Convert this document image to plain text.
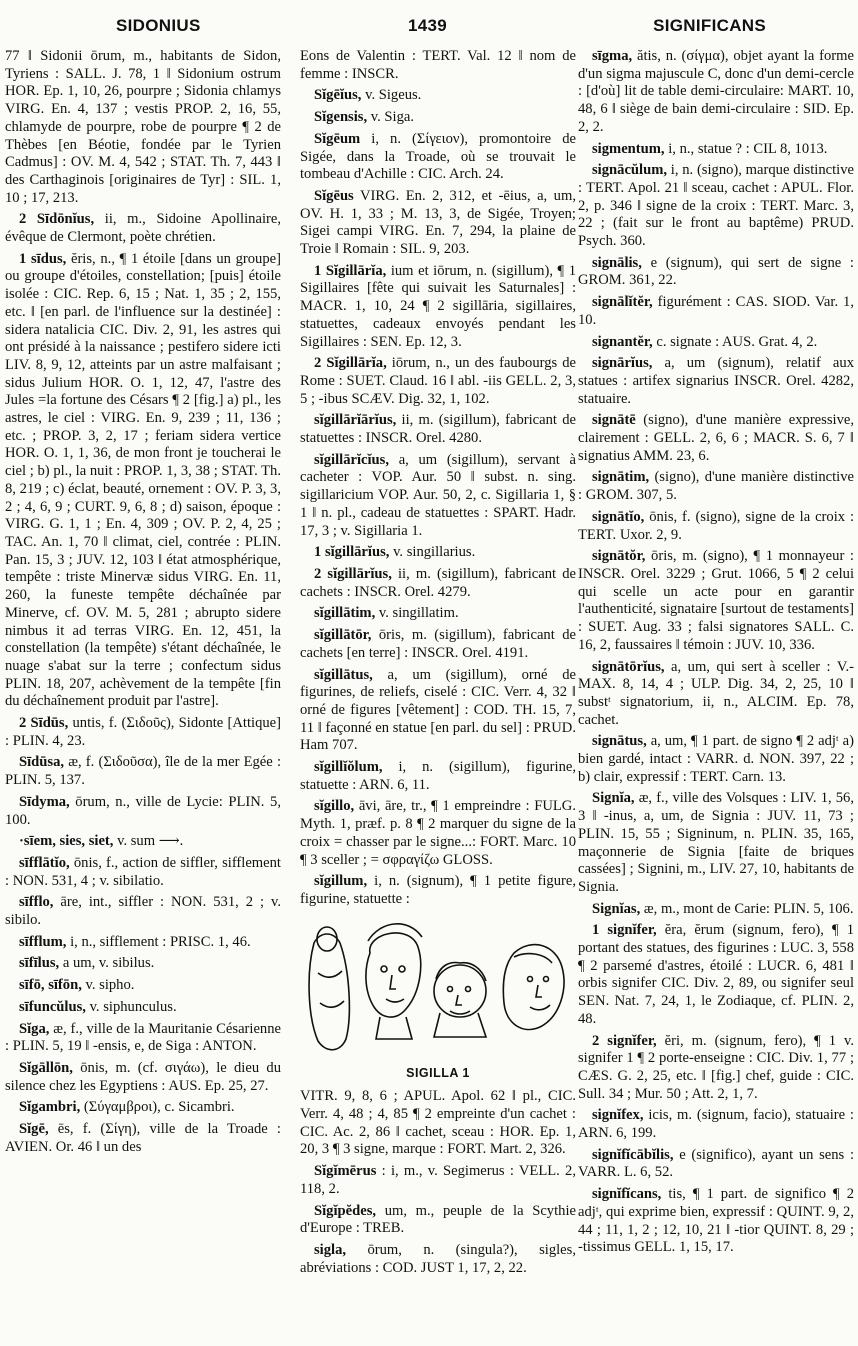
SIDONIUS	1439	SIGNIFICANS

77 ‖ Sidonii ōrum, m., habitants de Sidon, Tyriens : SALL. J. 78, 1 ‖ Sidonium ostrum HOR. Ep. 1, 10, 26, pourpre ; Sidonia chlamys VIRG. En. 4, 137 ; vestis PROP. 2, 16, 55, chlamyde de pourpre, robe de pourpre ¶ 2 de Thèbes [en Béotie, fondée par le Tyrien Cadmus] : OV. M. 4, 542 ; STAT. Th. 7, 443 ‖ des Carthaginois [originaires de Tyr] : SIL. 1, 10 ; 17, 213.

2 Sīdōnĭus, ii, m., Sidoine Apollinaire, évêque de Clermont, poète chrétien.

1 sīdus, ĕris, n., ¶ 1 étoile [dans un groupe] ou groupe d'étoiles, constellation; [puis] étoile isolée : CIC. Rep. 6, 15 ; Nat. 1, 35 ; 2, 155, etc. ‖ [en parl. de l'influence sur la destinée] : sidera natalicia CIC. Div. 2, 91, les astres qui ont présidé à la naissance ; pestifero sidere icti LIV. 8, 9, 12, atteints par un astre malfaisant ; sidus Julium HOR. O. 1, 12, 47, l'astre des Jules =la fortune des Césars ¶ 2 [fig.] a) pl., les astres, le ciel : VIRG. En. 9, 239 ; 11, 136 ; etc. ; PROP. 3, 2, 17 ; feriam sidera vertice HOR. O. 1, 1, 36, de mon front je toucherai le ciel ; b) pl., la nuit : PROP. 1, 3, 38 ; STAT. Th. 8, 219 ; c) éclat, beauté, ornement : OV. P. 3, 3, 2 ; 4, 6, 9 ; CURT. 9, 6, 8 ; d) saison, époque : VIRG. G. 1, 1 ; En. 4, 309 ; OV. P. 2, 4, 25 ; TAC. An. 1, 70 ‖ climat, ciel, contrée : PLIN. Pan. 15, 3 ; JUV. 12, 103 ‖ état atmosphérique, tempête : triste Minervæ sidus VIRG. En. 11, 260, la funeste tempête déchaînée par Minerve, cf. OV. M. 5, 281 ; abrupto sidere nimbus it ad terras VIRG. En. 12, 451, la constellation (la tempête) s'étant déchaînée, le nuage s'abat sur la terre ; confectum sidus PLIN. 18, 207, achèvement de la tempête [fin du déchaînement produit par l'astre].

2 Sīdūs, untis, f. (Σιδοῦς), Sidonte [Attique] : PLIN. 4, 23.

Sīdūsa, æ, f. (Σιδοῦσα), île de la mer Egée : PLIN. 5, 137.

Sīdyma, ōrum, n., ville de Lycie: PLIN. 5, 100.

·sīem, sies, siet, v. sum ⟶.

sīfflātĭo, ōnis, f., action de siffler, sifflement : NON. 531, 4 ; v. sibilatio.

sīfflo, āre, int., siffler : NON. 531, 2 ; v. sibilo.

sīfflum, i, n., sifflement : PRISC. 1, 46.

sīfīlus, a um, v. sibilus.

sīfō, sīfōn, v. sipho.

sīfuncŭlus, v. siphunculus.

Sĭga, æ, f., ville de la Mauritanie Césarienne : PLIN. 5, 19 ‖ -ensis, e, de Siga : ANTON.

Sĭgāllōn, ōnis, m. (cf. σιγάω), le dieu du silence chez les Egyptiens : AUS. Ep. 25, 27.

Sĭgambri, (Σύγαμβροι), c. Sicambri.

Sĭgē, ēs, f. (Σίγη), ville de la Troade : AVIEN. Or. 46 ‖ un des

Eons de Valentin : TERT. Val. 12 ‖ nom de femme : INSCR.

Sĭgēĭus, v. Sigeus.

Sĭgensis, v. Siga.

Sĭgēum i, n. (Σίγειον), promontoire de Sigée, dans la Troade, où se trouvait le tombeau d'Achille : CIC. Arch. 24.

Sĭgēus VIRG. En. 2, 312, et -ēius, a, um, OV. H. 1, 33 ; M. 13, 3, de Sigée, Troyen; Sigei campi VIRG. En. 7, 294, la plaine de Troie ‖ Romain : SIL. 9, 203.

1 Sĭgillārĭa, ium et iōrum, n. (sigillum), ¶ 1 Sigillaires [fête qui suivait les Saturnales] : MACR. 1, 10, 24 ¶ 2 sigillāria, sigillaires, statuettes, cadeaux envoyés pendant les Sigillaires : SEN. Ep. 12, 3.

2 Sĭgillārĭa, iōrum, n., un des faubourgs de Rome : SUET. Claud. 16 ‖ abl. -iis GELL. 2, 3, 5 ; -ibus SCÆV. Dig. 32, 1, 102.

sĭgillārĭārĭus, ii, m. (sigillum), fabricant de statuettes : INSCR. Orel. 4280.

sĭgillārĭcĭus, a, um (sigillum), servant à cacheter : VOP. Aur. 50 ‖ subst. n. sing. sigillaricium VOP. Aur. 50, 2, c. Sigillaria 1, § 1 ‖ n. pl., cadeau de statuettes : SPART. Hadr. 17, 3 ; v. Sigillaria 1.

1 sĭgillārĭus, v. singillarius.

2 sĭgillārĭus, ii, m. (sigillum), fabricant de cachets : INSCR. Orel. 4279.

sĭgillātim, v. singillatim.

sĭgillātōr, ōris, m. (sigillum), fabricant de cachets [en terre] : INSCR. Orel. 4191.

sĭgillātus, a, um (sigillum), orné de figurines, de reliefs, ciselé : CIC. Verr. 4, 32 ‖ orné de figures [vêtement] : COD. TH. 15, 7, 11 ‖ façonné en statue [en parl. du sel] : PRUD. Ham 707.

sĭgillĭŏlum, i, n. (sigillum), figurine, statuette : ARN. 6, 11.

sĭgillo, āvi, āre, tr., ¶ 1 empreindre : FULG. Myth. 1, præf. p. 8 ¶ 2 marquer du signe de la croix = chasser par le signe...: FORT. Marc. 10 ¶ 3 sceller ; = σφραγίζω GLOSS.

sĭgillum, i, n. (signum), ¶ 1 petite figure, figurine, statuette :

SIGILLA 1

VITR. 9, 8, 6 ; APUL. Apol. 62 ‖ pl., CIC. Verr. 4, 48 ; 4, 85 ¶ 2 empreinte d'un cachet : CIC. Ac. 2, 86 ‖ cachet, sceau : HOR. Ep. 1, 20, 3 ¶ 3 signe, marque : FORT. Mart. 2, 326.

Sĭgĭmērus : i, m., v. Segimerus : VELL. 2, 118, 2.

Sĭgĭpĕdes, um, m., peuple de la Scythie d'Europe : TREB.

sigla, ōrum, n. (singula?), sigles, abréviations : COD. JUST 1, 17, 2, 22.

sīgma, ătis, n. (σίγμα), objet ayant la forme d'un sigma majuscule C, donc d'un demi-cercle : [d'où] lit de table demi-circulaire: MART. 10, 48, 6 ‖ siège de bain demi-circulaire : SID. Ep. 2, 2.

sigmentum, i, n., statue ? : CIL 8, 1013.

signācŭlum, i, n. (signo), marque distinctive : TERT. Apol. 21 ‖ sceau, cachet : APUL. Flor. 2, p. 346 ‖ signe de la croix : TERT. Marc. 3, 22 ; (fait sur le front au baptême) PRUD. Psych. 360.

signālis, e (signum), qui sert de signe : GROM. 361, 22.

signālĭtĕr, figurément : CAS. SIOD. Var. 1, 10.

signantĕr, c. signate : AUS. Grat. 4, 2.

signārĭus, a, um (signum), relatif aux statues : artifex signarius INSCR. Orel. 4282, statuaire.

signātē (signo), d'une manière expressive, clairement : GELL. 2, 6, 6 ; MACR. S. 6, 7 ‖ signatius AMM. 23, 6.

signātim, (signo), d'une manière distinctive : GROM. 307, 5.

signātĭo, ōnis, f. (signo), signe de la croix : TERT. Uxor. 2, 9.

signātŏr, ōris, m. (signo), ¶ 1 monnayeur : INSCR. Orel. 3229 ; Grut. 1066, 5 ¶ 2 celui qui scelle un acte pour en garantir l'authenticité, signataire [surtout de testaments] : SUET. Aug. 33 ; falsi signatores SALL. C. 16, 2, faussaires ‖ témoin : JUV. 10, 336.

signātōrĭus, a, um, qui sert à sceller : V.-MAX. 8, 14, 4 ; ULP. Dig. 34, 2, 25, 10 ‖ substᵗ signatorium, ii, n., ALCIM. Ep. 78, cachet.

signātus, a, um, ¶ 1 part. de signo ¶ 2 adjᵗ a) bien gardé, intact : VARR. d. NON. 397, 22 ; b) clair, expressif : TERT. Carn. 13.

Signĭa, æ, f., ville des Volsques : LIV. 1, 56, 3 ‖ -inus, a, um, de Signia : JUV. 11, 73 ; PLIN. 15, 55 ; Signinum, n. PLIN. 35, 165, maçonnerie de Signia [faite de briques cassées] ; Signini, m., LIV. 27, 10, habitants de Signia.

Signĭas, æ, m., mont de Carie: PLIN. 5, 106.

1 signĭfer, ĕra, ĕrum (signum, fero), ¶ 1 portant des statues, des figurines : LUC. 3, 558 ¶ 2 parsemé d'astres, étoilé : LUCR. 6, 481 ‖ orbis signifer CIC. Div. 2, 89, ou signifer seul SEN. Nat. 7, 24, 1, le Zodiaque, cf. PLIN. 2, 48.

2 signĭfer, ĕri, m. (signum, fero), ¶ 1 v. signifer 1 ¶ 2 porte-enseigne : CIC. Div. 1, 77 ; CÆS. G. 2, 25, etc. ‖ [fig.] chef, guide : CIC. Sull. 34 ; Mur. 50 ; Att. 2, 1, 7.

signĭfex, icis, m. (signum, facio), statuaire : ARN. 6, 199.

signĭfĭcābĭlis, e (significo), ayant un sens : VARR. L. 6, 52.

signĭfĭcans, tis, ¶ 1 part. de significo ¶ 2 adjᵗ, qui exprime bien, expressif : QUINT. 9, 2, 44 ; 11, 1, 2 ; 12, 10, 21 ‖ -tior QUINT. 8, 29 ; -tissimus GELL. 1, 15, 17.
